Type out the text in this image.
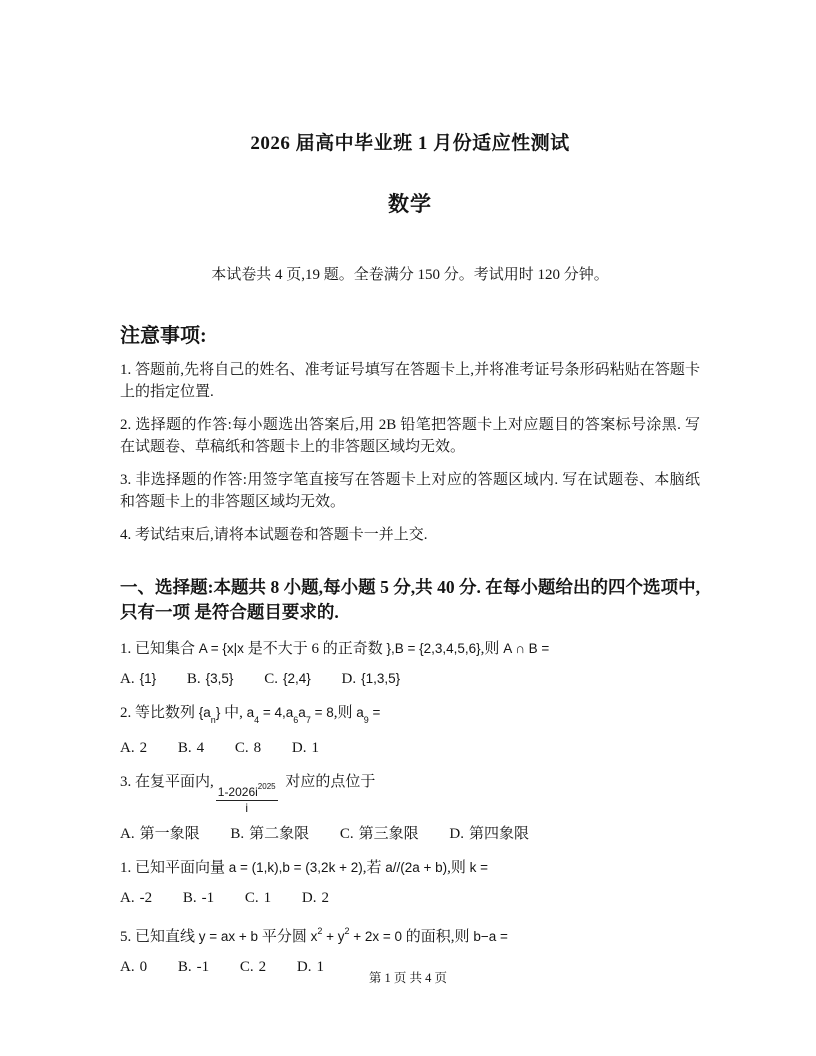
2026 届高中毕业班 1 月份适应性测试
数学

本试卷共 4 页,19 题。全卷满分 150 分。考试用时 120 分钟。

注意事项:

1. 答题前,先将自己的姓名、准考证号填写在答题卡上,并将准考证号条形码粘贴在答题卡上的指定位置.

2. 选择题的作答:每小题选出答案后,用 2B 铅笔把答题卡上对应题目的答案标号涂黑. 写在试题卷、草稿纸和答题卡上的非答题区域均无效。

3. 非选择题的作答:用签字笔直接写在答题卡上对应的答题区域内. 写在试题卷、本脑纸和答题卡上的非答题区域均无效。

4. 考试结束后,请将本试题卷和答题卡一并上交.

一、选择题:本题共 8 小题,每小题 5 分,共 40 分. 在每小题给出的四个选项中,只有一项 是符合题目要求的.

1. 已知集合 A = {x|x 是不大于 6 的正奇数 },B = {2,3,4,5,6},则 A ∩ B =

A. {1} B. {3,5} C. {2,4} D. {1,3,5}

2. 等比数列 $\{a_n\}$ 中, $a_4 = 4,a_6a_7 = 8$,则 $a_9$ =

A. 2 B. 4 C. 8 D. 1

3. 在复平面内, $\frac{1-2026i^{2025}}{i}$ 对应的点位于

A. 第一象限 B. 第二象限 C. 第三象限 D. 第四象限

1. 已知平面向量 a = (1,k),b = (3,2k + 2),若 a//(2a + b),则 k =

A. -2 B. -1 C. 1 D. 2

5. 已知直线 y = ax + b 平分圆 $x^2 + y^2 + 2x = 0$ 的面积,则 b−a =

A. 0 B. -1 C. 2 D. 1

第 1 页 共 4 页
